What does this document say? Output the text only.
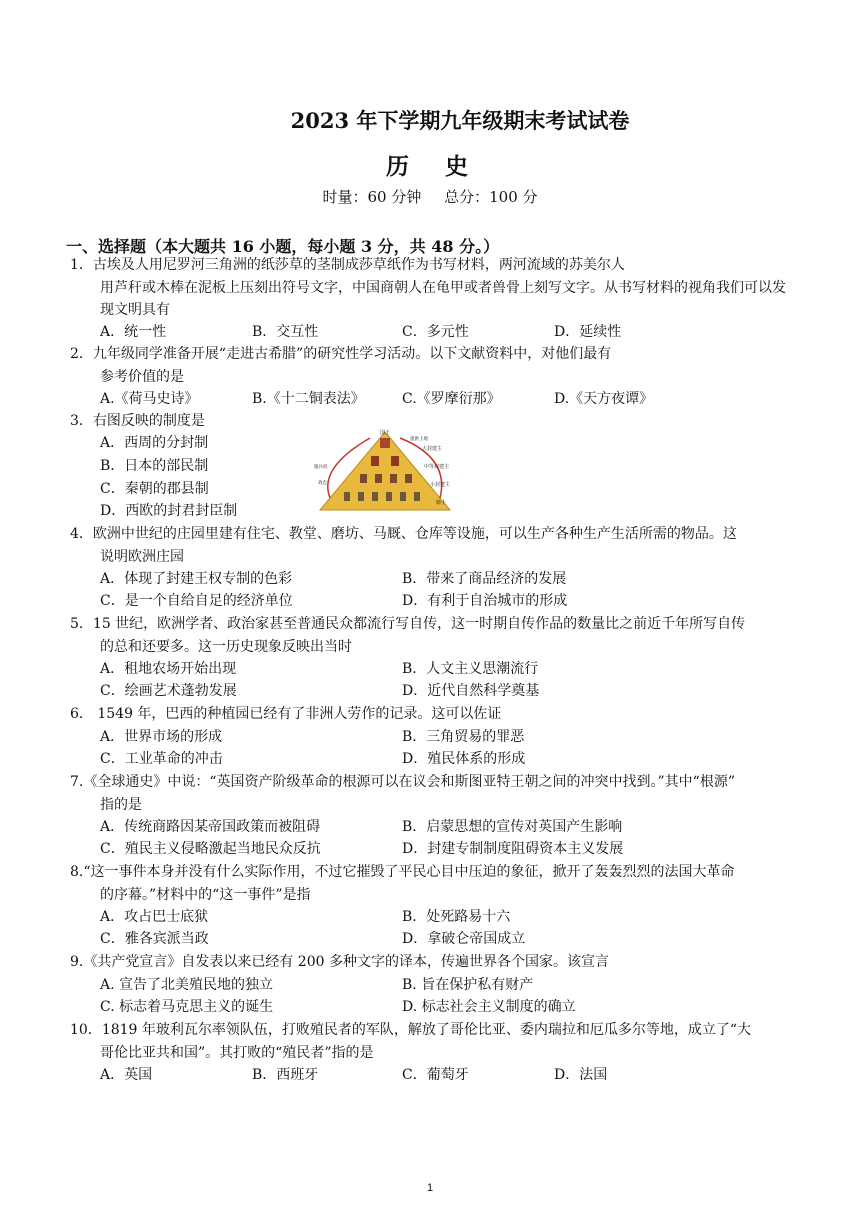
2023 年下学期九年级期末考试试卷
历史
时量：60 分钟 总分：100 分
一、选择题（本大题共 16 小题，每小题 3 分，共 48 分。）
1．古埃及人用尼罗河三角洲的纸莎草的茎制成莎草纸作为书写材料，两河流域的苏美尔人
用芦秆或木棒在泥板上压刻出符号文字，中国商朝人在龟甲或者兽骨上刻写文字。从书写材料的视角我们可以发现文明具有
A．统一性	B．交互性	C．多元性	D．延续性
2．九年级同学准备开展“走进古希腊”的研究性学习活动。以下文献资料中，对他们最有
参考价值的是
A.《荷马史诗》	B.《十二铜表法》	C.《罗摩衍那》	D.《天方夜谭》
3．右图反映的制度是
A．西周的分封制
B．日本的部民制
C．秦朝的郡县制
D．西欧的封君封臣制
国王
大封建主
中等封建主
小封建主
骑士
提供土地
服兵役
效忠
4．欧洲中世纪的庄园里建有住宅、教堂、磨坊、马厩、仓库等设施，可以生产各种生产生活所需的物品。这
说明欧洲庄园
A．体现了封建王权专制的色彩	B．带来了商品经济的发展
C．是一个自给自足的经济单位	D．有利于自治城市的形成
5．15 世纪，欧洲学者、政治家甚至普通民众都流行写自传，这一时期自传作品的数量比之前近千年所写自传
的总和还要多。这一历史现象反映出当时
A．租地农场开始出现	B．人文主义思潮流行
C．绘画艺术蓬勃发展	D．近代自然科学奠基
6． 1549 年，巴西的种植园已经有了非洲人劳作的记录。这可以佐证
A．世界市场的形成	B．三角贸易的罪恶
C．工业革命的冲击	D．殖民体系的形成
7.《全球通史》中说：“英国资产阶级革命的根源可以在议会和斯图亚特王朝之间的冲突中找到。”其中“根源”
指的是
A．传统商路因某帝国政策而被阻碍	B．启蒙思想的宣传对英国产生影响
C．殖民主义侵略激起当地民众反抗	D．封建专制制度阻碍资本主义发展
8.“这一事件本身并没有什么实际作用，不过它摧毁了平民心目中压迫的象征，掀开了轰轰烈烈的法国大革命
的序幕。”材料中的“这一事件”是指
A．攻占巴士底狱	B．处死路易十六
C．雅各宾派当政	D．拿破仑帝国成立
9.《共产党宣言》自发表以来已经有 200 多种文字的译本，传遍世界各个国家。该宣言
A. 宣告了北美殖民地的独立	B. 旨在保护私有财产
C. 标志着马克思主义的诞生	D. 标志社会主义制度的确立
10．1819 年玻利瓦尔率领队伍，打败殖民者的军队，解放了哥伦比亚、委内瑞拉和厄瓜多尔等地，成立了“大
哥伦比亚共和国”。其打败的“殖民者”指的是
A．英国	B．西班牙	C．葡萄牙	D．法国
1
